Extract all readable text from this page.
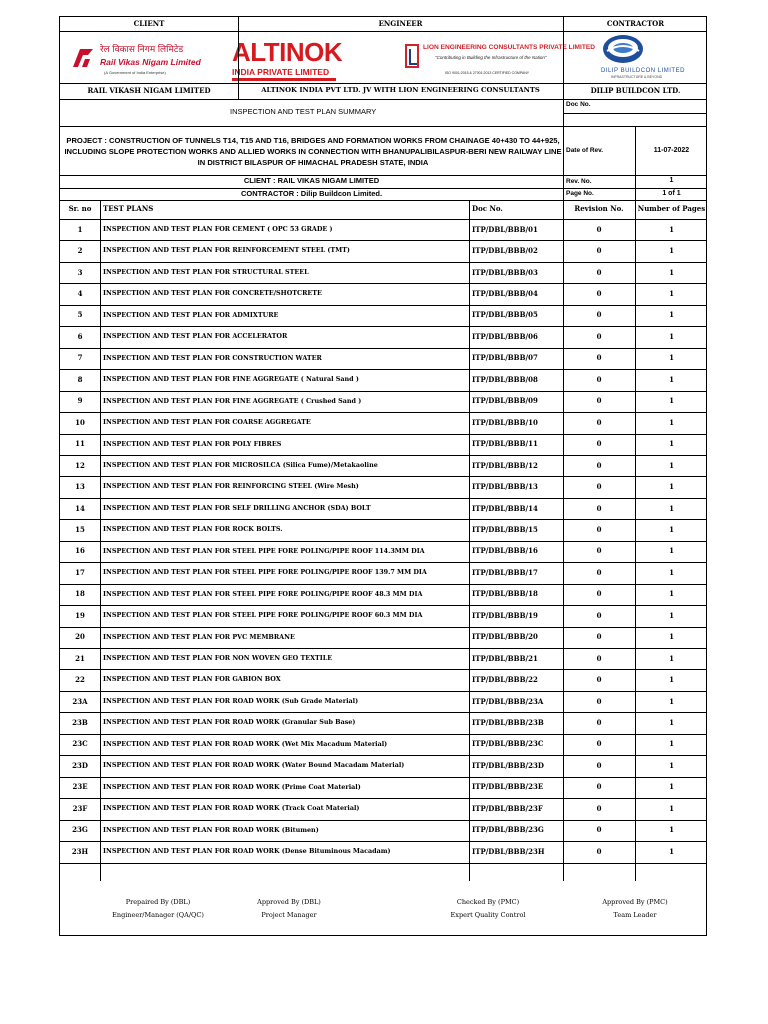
CLIENT	ENGINEER	CONTRACTOR
रेल विकास निगम लिमिटेड
Rail Vikas Nigam Limited
(A Government of India Enterprise)
ALTINOK
INDIA PRIVATE LIMITED
LION ENGINEERING CONSULTANTS PRIVATE LIMITED
"Contributing in Building the Infrastructure of the Nation"
ISO 9001:2015 & 27001:2013 CERTIFIED COMPANY	DILIP BUILDCON LIMITED
INFRASTRUCTURE & BEYOND
RAIL VIKASH NIGAM LIMITED	ALTINOK INDIA PVT LTD. JV WITH LION ENGINEERING CONSULTANTS	DILIP BUILDCON LTD.
INSPECTION AND TEST PLAN SUMMARY
Doc No.
PROJECT : CONSTRUCTION OF TUNNELS T14, T15 AND T16, BRIDGES AND FORMATION WORKS FROM CHAINAGE 40+430 TO 44+925, INCLUDING SLOPE PROTECTION WORKS AND ALLIED WORKS IN CONNECTION WITH BHANUPALIBILASPUR-BERI NEW RAILWAY LINE IN DISTRICT BILASPUR OF HIMACHAL PRADESH STATE, INDIA
Date of Rev.	11-07-2022
CLIENT : RAIL VIKAS NIGAM LIMITED	Rev. No.	1
CONTRACTOR : Dilip Buildcon Limited.	Page No.	1 of 1
Sr. no	TEST PLANS	Doc No.	Revision No.	Number of Pages
1	INSPECTION AND TEST PLAN FOR CEMENT ( OPC 53 GRADE )	ITP/DBL/BBB/01	0	1
2	INSPECTION AND TEST PLAN FOR REINFORCEMENT STEEL (TMT)	ITP/DBL/BBB/02	0	1
3	INSPECTION AND TEST PLAN FOR STRUCTURAL STEEL	ITP/DBL/BBB/03	0	1
4	INSPECTION AND TEST PLAN FOR CONCRETE/SHOTCRETE	ITP/DBL/BBB/04	0	1
5	INSPECTION AND TEST PLAN FOR ADMIXTURE	ITP/DBL/BBB/05	0	1
6	INSPECTION AND TEST PLAN FOR ACCELERATOR	ITP/DBL/BBB/06	0	1
7	INSPECTION AND TEST PLAN FOR CONSTRUCTION WATER	ITP/DBL/BBB/07	0	1
8	INSPECTION AND TEST PLAN FOR FINE AGGREGATE ( Natural Sand )	ITP/DBL/BBB/08	0	1
9	INSPECTION AND TEST PLAN FOR FINE AGGREGATE ( Crushed Sand )	ITP/DBL/BBB/09	0	1
10	INSPECTION AND TEST PLAN FOR COARSE AGGREGATE	ITP/DBL/BBB/10	0	1
11	INSPECTION AND TEST PLAN FOR POLY FIBRES	ITP/DBL/BBB/11	0	1
12	INSPECTION AND TEST PLAN FOR MICROSILCA (Silica Fume)/Metakaoline	ITP/DBL/BBB/12	0	1
13	INSPECTION AND TEST PLAN FOR REINFORCING STEEL (Wire Mesh)	ITP/DBL/BBB/13	0	1
14	INSPECTION AND TEST PLAN FOR SELF DRILLING ANCHOR (SDA) BOLT	ITP/DBL/BBB/14	0	1
15	INSPECTION AND TEST PLAN FOR ROCK BOLTS.	ITP/DBL/BBB/15	0	1
16	INSPECTION AND TEST PLAN FOR STEEL PIPE FORE POLING/PIPE ROOF 114.3MM DIA	ITP/DBL/BBB/16	0	1
17	INSPECTION AND TEST PLAN FOR STEEL PIPE FORE POLING/PIPE ROOF 139.7 MM DIA	ITP/DBL/BBB/17	0	1
18	INSPECTION AND TEST PLAN FOR STEEL PIPE FORE POLING/PIPE ROOF 48.3 MM DIA	ITP/DBL/BBB/18	0	1
19	INSPECTION AND TEST PLAN FOR STEEL PIPE FORE POLING/PIPE ROOF 60.3 MM DIA	ITP/DBL/BBB/19	0	1
20	INSPECTION AND TEST PLAN FOR PVC MEMBRANE	ITP/DBL/BBB/20	0	1
21	INSPECTION AND TEST PLAN FOR NON WOVEN GEO TEXTILE	ITP/DBL/BBB/21	0	1
22	INSPECTION AND TEST PLAN FOR GABION BOX	ITP/DBL/BBB/22	0	1
23A	INSPECTION AND TEST PLAN FOR ROAD WORK (Sub Grade Material)	ITP/DBL/BBB/23A	0	1
23B	INSPECTION AND TEST PLAN FOR ROAD WORK (Granular Sub Base)	ITP/DBL/BBB/23B	0	1
23C	INSPECTION AND TEST PLAN FOR ROAD WORK (Wet Mix Macadum Material)	ITP/DBL/BBB/23C	0	1
23D	INSPECTION AND TEST PLAN FOR ROAD WORK (Water Bound Macadam Material)	ITP/DBL/BBB/23D	0	1
23E	INSPECTION AND TEST PLAN FOR ROAD WORK (Prime Coat Material)	ITP/DBL/BBB/23E	0	1
23F	INSPECTION AND TEST PLAN FOR ROAD WORK (Track Coat Material)	ITP/DBL/BBB/23F	0	1
23G	INSPECTION AND TEST PLAN FOR ROAD WORK (Bitumen)	ITP/DBL/BBB/23G	0	1
23H	INSPECTION AND TEST PLAN FOR ROAD WORK (Dense Bituminous Macadam)	ITP/DBL/BBB/23H	0	1
Prepaired By (DBL)
Engineer/Manager (QA/QC)
Approved By (DBL)
Project Manager
Checked By (PMC)
Expert Quality Control
Approved By (PMC)
Team Leader
